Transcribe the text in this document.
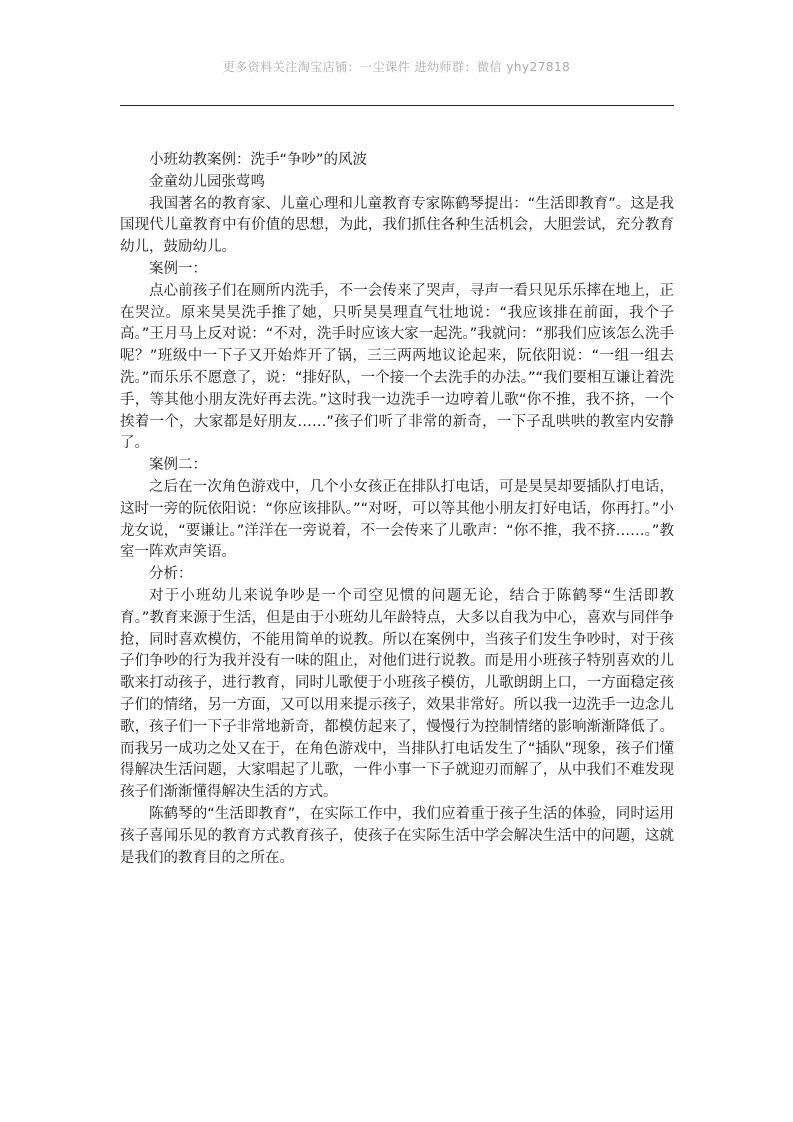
更多资料关注淘宝店铺：一尘课件 进幼师群：微信 yhy27818

小班幼教案例：洗手“争吵”的风波

金童幼儿园张莺鸣

我国著名的教育家、儿童心理和儿童教育专家陈鹤琴提出：“生活即教育”。这是我国现代儿童教育中有价值的思想，为此，我们抓住各种生活机会，大胆尝试，充分教育幼儿，鼓励幼儿。

案例一：

点心前孩子们在厕所内洗手，不一会传来了哭声，寻声一看只见乐乐摔在地上，正在哭泣。原来昊昊洗手推了她，只听昊昊理直气壮地说：“我应该排在前面，我个子高。”王月马上反对说：“不对，洗手时应该大家一起洗。”我就问：“那我们应该怎么洗手呢？”班级中一下子又开始炸开了锅，三三两两地议论起来，阮依阳说：“一组一组去洗。”而乐乐不愿意了，说：“排好队，一个接一个去洗手的办法。”“我们要相互谦让着洗手，等其他小朋友洗好再去洗。”这时我一边洗手一边哼着儿歌“你不推，我不挤，一个挨着一个，大家都是好朋友……”孩子们听了非常的新奇，一下子乱哄哄的教室内安静了。

案例二：

之后在一次角色游戏中，几个小女孩正在排队打电话，可是昊昊却要插队打电话，这时一旁的阮依阳说：“你应该排队。”“对呀，可以等其他小朋友打好电话，你再打。”小龙女说，“要谦让。”洋洋在一旁说着，不一会传来了儿歌声：“你不推，我不挤……。”教室一阵欢声笑语。

分析：

对于小班幼儿来说争吵是一个司空见惯的问题无论，结合于陈鹤琴“生活即教育。”教育来源于生活，但是由于小班幼儿年龄特点，大多以自我为中心，喜欢与同伴争抢，同时喜欢模仿，不能用简单的说教。所以在案例中，当孩子们发生争吵时，对于孩子们争吵的行为我并没有一味的阻止，对他们进行说教。而是用小班孩子特别喜欢的儿歌来打动孩子，进行教育，同时儿歌便于小班孩子模仿，儿歌朗朗上口，一方面稳定孩子们的情绪，另一方面，又可以用来提示孩子，效果非常好。所以我一边洗手一边念儿歌，孩子们一下子非常地新奇，都模仿起来了，慢慢行为控制情绪的影响渐渐降低了。而我另一成功之处又在于，在角色游戏中，当排队打电话发生了“插队”现象，孩子们懂得解决生活问题，大家唱起了儿歌，一件小事一下子就迎刃而解了，从中我们不难发现孩子们渐渐懂得解决生活的方式。

陈鹤琴的“生活即教育”，在实际工作中，我们应着重于孩子生活的体验，同时运用孩子喜闻乐见的教育方式教育孩子，使孩子在实际生活中学会解决生活中的问题，这就是我们的教育目的之所在。
